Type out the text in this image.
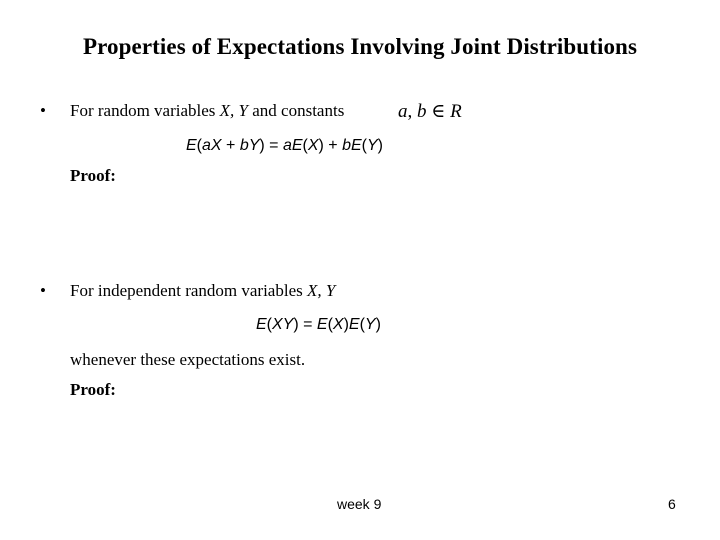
Properties of Expectations Involving Joint Distributions
• For random variables X, Y and constants	a, b ∈ R
E(aX + bY) = aE(X) + bE(Y)
Proof:
• For independent random variables X, Y
E(XY) = E(X)E(Y)
whenever these expectations exist.
Proof:
week 9	6
